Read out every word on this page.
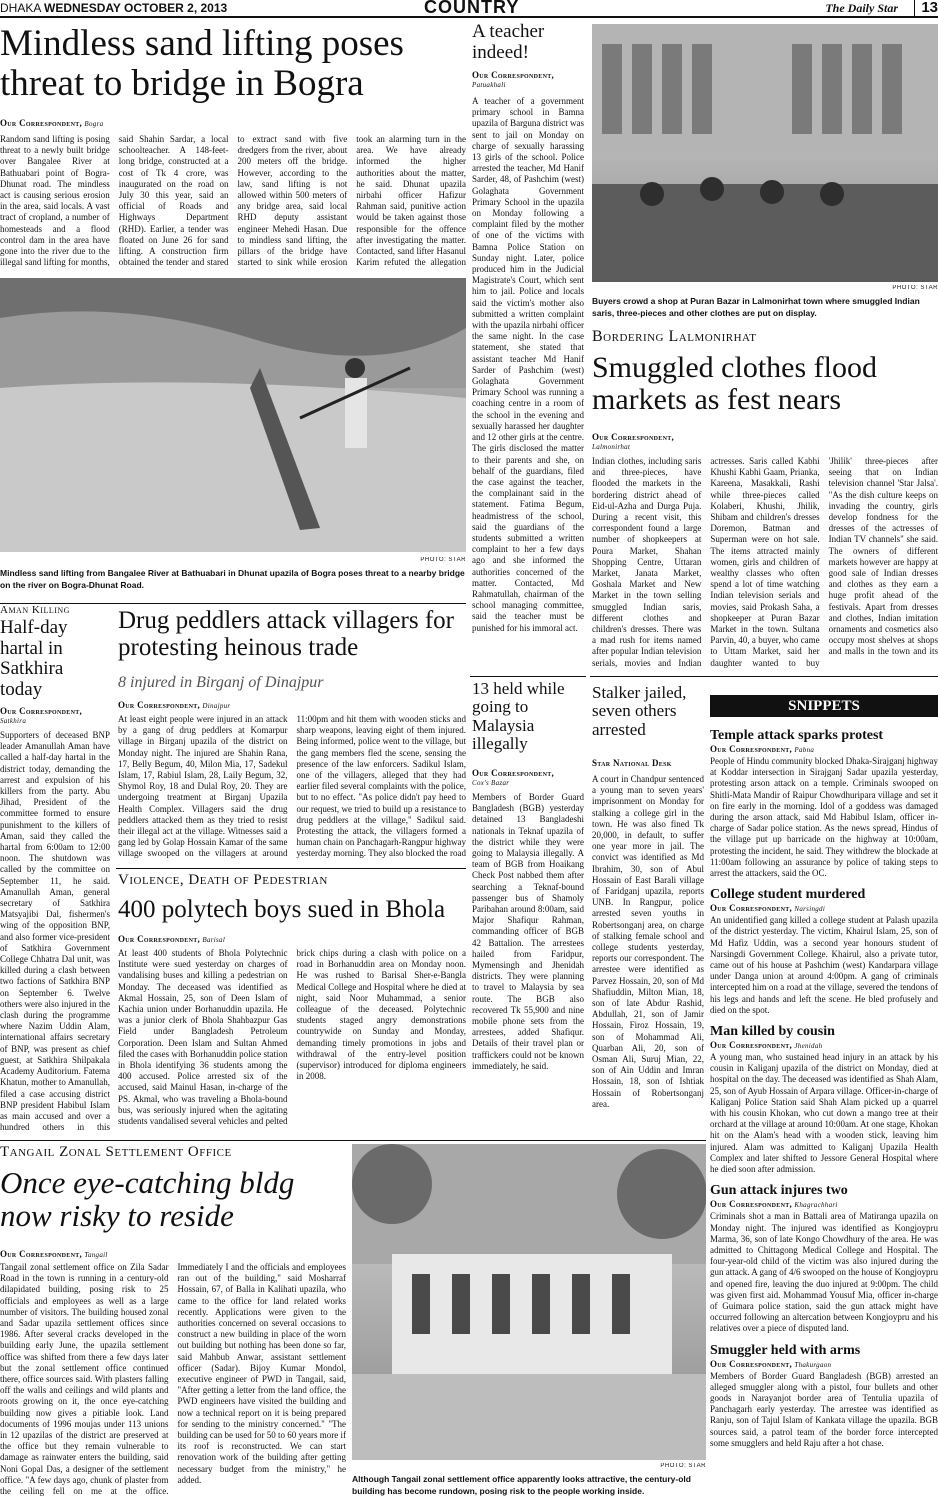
DHAKA WEDNESDAY OCTOBER 2, 2013	COUNTRY	The Daily Star	13
Mindless sand lifting poses threat to bridge in Bogra
Our Correspondent, Bogra
Random sand lifting is posing threat to a newly built bridge over Bangalee River at Bathuabari point of Bogra-Dhunat road. The mindless act is causing serious erosion in the area, said locals. A vast tract of cropland, a number of homesteads and a flood control dam in the area have gone into the river due to the illegal sand lifting for months, said Shahin Sardar, a local schoolteacher. A 148-feet-long bridge, constructed at a cost of Tk 4 crore, was inaugurated on the road on July 30 this year, said an official of Roads and Highways Department (RHD). Earlier, a tender was floated on June 26 for sand lifting. A construction firm obtained the tender and stared to extract sand with five dredgers from the river, about 200 meters off the bridge. However, according to the law, sand lifting is not allowed within 500 meters of any bridge area, said local RHD deputy assistant engineer Mehedi Hasan. Due to mindless sand lifting, the pillars of the bridge have started to sink while erosion took an alarming turn in the area. We have already informed the higher authorities about the matter, he said. Dhunat upazila nirbahi officer Hafizur Rahman said, punitive action would be taken against those responsible for the offence after investigating the matter. Contacted, sand lifter Hasanul Karim refuted the allegation
PHOTO: STAR
Mindless sand lifting from Bangalee River at Bathuabari in Dhunat upazila of Bogra poses threat to a nearby bridge on the river on Bogra-Dhunat Road.
A teacher indeed!
Our Correspondent,
Patuakhali
A teacher of a government primary school in Bamna upazila of Barguna district was sent to jail on Monday on charge of sexually harassing 13 girls of the school. Police arrested the teacher, Md Hanif Sarder, 48, of Pashchim (west) Golaghata Government Primary School in the upazila on Monday following a complaint filed by the mother of one of the victims with Bamna Police Station on Sunday night. Later, police produced him in the Judicial Magistrate's Court, which sent him to jail. Police and locals said the victim's mother also submitted a written complaint with the upazila nirbahi officer the same night. In the case statement, she stated that assistant teacher Md Hanif Sarder of Pashchim (west) Golaghata Government Primary School was running a coaching centre in a room of the school in the evening and sexually harassed her daughter and 12 other girls at the centre. The girls disclosed the matter to their parents and she, on behalf of the guardians, filed the case against the teacher, the complainant said in the statement. Fatima Begum, headmistress of the school, said the guardians of the students submitted a written complaint to her a few days ago and she informed the authorities concerned of the matter. Contacted, Md Rahmatullah, chairman of the school managing committee, said the teacher must be punished for his immoral act.
PHOTO: STAR
Buyers crowd a shop at Puran Bazar in Lalmonirhat town where smuggled Indian saris, three-pieces and other clothes are put on display.
Bordering Lalmonirhat
Smuggled clothes flood markets as fest nears
Our Correspondent,
Lalmonirhat
Indian clothes, including saris and three-pieces, have flooded the markets in the bordering district ahead of Eid-ul-Azha and Durga Puja. During a recent visit, this correspondent found a large number of shopkeepers at Poura Market, Shahan Shopping Centre, Uttaran Market, Janata Market, Goshala Market and New Market in the town selling smuggled Indian saris, different clothes and children's dresses. There was a mad rush for items named after popular Indian television serials, movies and Indian actresses. Saris called Kabhi Khushi Kabhi Gaam, Prianka, Kareena, Masakkali, Rashi while three-pieces called Kolaberi, Khushi, Jhilik, Shibam and children's dresses Doremon, Batman and Superman were on hot sale. The items attracted mainly women, girls and children of wealthy classes who often spend a lot of time watching Indian television serials and movies, said Prokash Saha, a shopkeeper at Puran Bazar Market in the town. Sultana Parvin, 40, a buyer, who came to Uttam Market, said her daughter wanted to buy 'Jhilik' three-pieces after seeing that on Indian television channel 'Star Jalsa'. "As the dish culture keeps on invading the country, girls develop fondness for the dresses of the actresses of Indian TV channels" she said. The owners of different markets however are happy at good sale of Indian dresses and clothes as they earn a huge profit ahead of the festivals. Apart from dresses and clothes, Indian imitation ornaments and cosmetics also occupy most shelves at shops and malls in the town and its
Aman Killing
Half-day hartal in Satkhira today
Our Correspondent,
Satkhira
Supporters of deceased BNP leader Amanullah Aman have called a half-day hartal in the district today, demanding the arrest and expulsion of his killers from the party. Abu Jihad, President of the committee formed to ensure punishment to the killers of Aman, said they called the hartal from 6:00am to 12:00 noon. The shutdown was called by the committee on September 11, he said. Amanullah Aman, general secretary of Satkhira Matsyajibi Dal, fishermen's wing of the opposition BNP, and also former vice-president of Satkhira Government College Chhatra Dal unit, was killed during a clash between two factions of Satkhira BNP on September 6. Twelve others were also injured in the clash during the programme where Nazim Uddin Alam, international affairs secretary of BNP, was present as chief guest, at Satkhira Shilpakala Academy Auditorium. Fatema Khatun, mother to Amanullah, filed a case accusing district BNP president Habibul Islam as main accused and over a hundred others in this
Drug peddlers attack villagers for protesting heinous trade
8 injured in Birganj of Dinajpur
Our Correspondent, Dinajpur
At least eight people were injured in an attack by a gang of drug peddlers at Komarpur village in Birganj upazila of the district on Monday night. The injured are Shahin Rana, 17, Belly Begum, 40, Milon Mia, 17, Sadekul Islam, 17, Rabiul Islam, 28, Laily Begum, 32, Shymol Roy, 18 and Dulal Roy, 20. They are undergoing treatment at Birganj Upazila Health Complex. Villagers said the drug peddlers attacked them as they tried to resist their illegal act at the village. Witnesses said a gang led by Golap Hossain Kamar of the same village swooped on the villagers at around 11:00pm and hit them with wooden sticks and sharp weapons, leaving eight of them injured. Being informed, police went to the village, but the gang members fled the scene, sensing the presence of the law enforcers. Sadikul Islam, one of the villagers, alleged that they had earlier filed several complaints with the police, but to no effect. "As police didn't pay heed to our request, we tried to build up a resistance to drug peddlers at the village," Sadikul said. Protesting the attack, the villagers formed a human chain on Panchagarh-Rangpur highway yesterday morning. They also blocked the road
Violence, Death of Pedestrian
400 polytech boys sued in Bhola
Our Correspondent, Barisal
At least 400 students of Bhola Polytechnic Institute were sued yesterday on charges of vandalising buses and killing a pedestrian on Monday. The deceased was identified as Akmal Hossain, 25, son of Deen Islam of Kachia union under Borhanuddin upazila. He was a junior clerk of Bhola Shahbazpur Gas Field under Bangladesh Petroleum Corporation. Deen Islam and Sultan Ahmed filed the cases with Borhanuddin police station in Bhola identifying 36 students among the 400 accused. Police arrested six of the accused, said Mainul Hasan, in-charge of the PS. Akmal, who was traveling a Bhola-bound bus, was seriously injured when the agitating students vandalised several vehicles and pelted brick chips during a clash with police on a road in Borhanuddin area on Monday noon. He was rushed to Barisal Sher-e-Bangla Medical College and Hospital where he died at night, said Noor Muhammad, a senior colleague of the deceased. Polytechnic students staged angry demonstrations countrywide on Sunday and Monday, demanding timely promotions in jobs and withdrawal of the entry-level position (supervisor) introduced for diploma engineers in 2008.
13 held while going to Malaysia illegally
Our Correspondent,
Cox's Bazar
Members of Border Guard Bangladesh (BGB) yesterday detained 13 Bangladeshi nationals in Teknaf upazila of the district while they were going to Malaysia illegally. A team of BGB from Hoaikang Check Post nabbed them after searching a Teknaf-bound passenger bus of Shamoly Paribahan around 8:00am, said Major Shafiqur Rahman, commanding officer of BGB 42 Battalion. The arrestees hailed from Faridpur, Mymensingh and Jhenidah districts. They were planning to travel to Malaysia by sea route. The BGB also recovered Tk 55,900 and nine mobile phone sets from the arrestees, added Shafiqur. Details of their travel plan or traffickers could not be known immediately, he said.
Stalker jailed, seven others arrested
Star National Desk
A court in Chandpur sentenced a young man to seven years' imprisonment on Monday for stalking a college girl in the town. He was also fined Tk 20,000, in default, to suffer one year more in jail. The convict was identified as Md Ibrahim, 30, son of Abul Hossain of East Barali village of Faridganj upazila, reports UNB. In Rangpur, police arrested seven youths in Robertsonganj area, on charge of stalking female school and college students yesterday, reports our correspondent. The arrestee were identified as Parvez Hossain, 20, son of Md Shafiuddin, Milton Mian, 18, son of late Abdur Rashid, Abdullah, 21, son of Jamir Hossain, Firoz Hossain, 19, son of Mohammad Ali, Quarban Ali, 20, son of Osman Ali, Suruj Mian, 22, son of Ain Uddin and Imran Hossain, 18, son of Ishtiak Hossain of Robertsonganj area.
SNIPPETS
Temple attack sparks protest
Our Correspondent, Pabna
People of Hindu community blocked Dhaka-Sirajganj highway at Koddar intersection in Sirajganj Sadar upazila yesterday, protesting arson attack on a temple. Criminals swooped on Shitli-Mata Mandir of Raipur Chowdhuripara village and set it on fire early in the morning. Idol of a goddess was damaged during the arson attack, said Md Habibul Islam, officer in-charge of Sadar police station. As the news spread, Hindus of the village put up barricade on the highway at 10:00am, protesting the incident, he said. They withdrew the blockade at 11:00am following an assurance by police of taking steps to arrest the attackers, said the OC.
College student murdered
Our Correspondent, Narsingdi
An unidentified gang killed a college student at Palash upazila of the district yesterday. The victim, Khairul Islam, 25, son of Md Hafiz Uddin, was a second year honours student of Narsingdi Government College. Khairul, also a private tutor, came out of his house at Pashchim (west) Kandarpara village under Danga union at around 4:00pm. A gang of criminals intercepted him on a road at the village, severed the tendons of his legs and hands and left the scene. He bled profusely and died on the spot.
Man killed by cousin
Our Correspondent, Jhenidah
A young man, who sustained head injury in an attack by his cousin in Kaliganj upazila of the district on Monday, died at hospital on the day. The deceased was identified as Shah Alam, 25, son of Ayub Hossain of Arpara village. Officer-in-charge of Kaliganj Police Station said Shah Alam picked up a quarrel with his cousin Khokan, who cut down a mango tree at their orchard at the village at around 10:00am. At one stage, Khokan hit on the Alam's head with a wooden stick, leaving him injured. Alam was admitted to Kaliganj Upazila Health Complex and later shifted to Jessore General Hospital where he died soon after admission.
Gun attack injures two
Our Correspondent, Khagrachhari
Criminals shot a man in Battali area of Matiranga upazila on Monday night. The injured was identified as Kongjoypru Marma, 36, son of late Kongo Chowdhury of the area. He was admitted to Chittagong Medical College and Hospital. The four-year-old child of the victim was also injured during the gun attack. A gang of 4/6 swooped on the house of Kongjoypru and opened fire, leaving the duo injured at 9:00pm. The child was given first aid. Mohammad Yousuf Mia, officer in-charge of Guimara police station, said the gun attack might have occurred following an altercation between Kongjoypru and his relatives over a piece of disputed land.
Smuggler held with arms
Our Correspondent, Thakurgaon
Members of Border Guard Bangladesh (BGB) arrested an alleged smuggler along with a pistol, four bullets and other goods in Narayanjot border area of Tentulia upazila of Panchagarh early yesterday. The arrestee was identified as Ranju, son of Tajul Islam of Kankata village the upazila. BGB sources said, a patrol team of the border force intercepted some smugglers and held Raju after a hot chase.
Tangail Zonal Settlement Office
Once eye-catching bldg now risky to reside
Our Correspondent, Tangail
Tangail zonal settlement office on Zila Sadar Road in the town is running in a century-old dilapidated building, posing risk to 25 officials and employees as well as a large number of visitors. The building housed zonal and Sadar upazila settlement offices since 1986. After several cracks developed in the building early June, the upazila settlement office was shifted from there a few days later but the zonal settlement office continued there, office sources said. With plasters falling off the walls and ceilings and wild plants and roots growing on it, the once eye-catching building now gives a pitiable look. Land documents of 1996 moujas under 113 unions in 12 upazilas of the district are preserved at the office but they remain vulnerable to damage as rainwater enters the building, said Noni Gopal Das, a designer of the settlement office. "A few days ago, chunk of plaster from the ceiling fell on me at the office. Immediately I and the officials and employees ran out of the building," said Mosharraf Hossain, 67, of Balla in Kalihati upazila, who came to the office for land related works recently. Applications were given to the authorities concerned on several occasions to construct a new building in place of the worn out building but nothing has been done so far, said Mahbub Anwar, assistant settlement officer (Sadar). Bijoy Kumar Mondol, executive engineer of PWD in Tangail, said, "After getting a letter from the land office, the PWD engineers have visited the building and now a technical report on it is being prepared for sending to the ministry concerned." "The building can be used for 50 to 60 years more if its roof is reconstructed. We can start renovation work of the building after getting necessary budget from the ministry," he added.
PHOTO: STAR
Although Tangail zonal settlement office apparently looks attractive, the century-old building has become rundown, posing risk to the people working inside.
